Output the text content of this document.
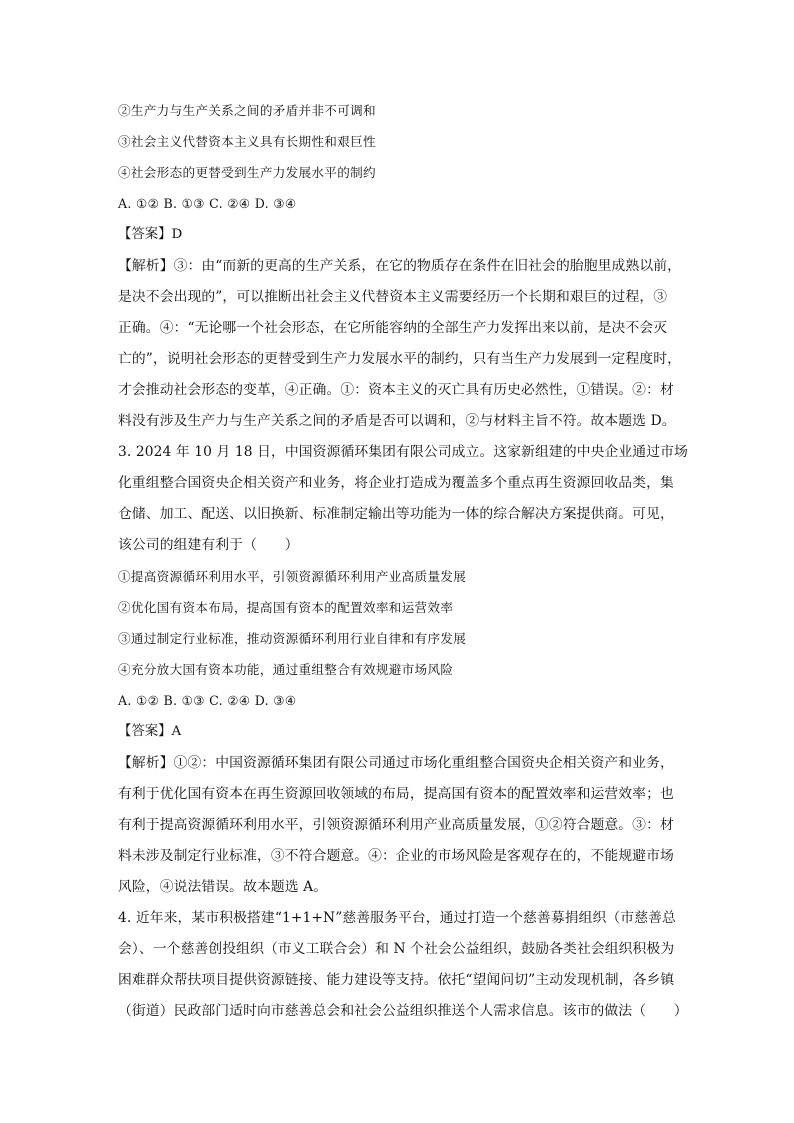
②生产力与生产关系之间的矛盾并非不可调和
③社会主义代替资本主义具有长期性和艰巨性
④社会形态的更替受到生产力发展水平的制约
A. ①② B. ①③ C. ②④ D. ③④
【答案】D
【解析】③：由“而新的更高的生产关系，在它的物质存在条件在旧社会的胎胞里成熟以前，
是决不会出现的”，可以推断出社会主义代替资本主义需要经历一个长期和艰巨的过程，③
正确。④：“无论哪一个社会形态，在它所能容纳的全部生产力发挥出来以前，是决不会灭
亡的”，说明社会形态的更替受到生产力发展水平的制约，只有当生产力发展到一定程度时，
才会推动社会形态的变革，④正确。①：资本主义的灭亡具有历史必然性，①错误。②：材
料没有涉及生产力与生产关系之间的矛盾是否可以调和，②与材料主旨不符。故本题选 D。
3. 2024 年 10 月 18 日，中国资源循环集团有限公司成立。这家新组建的中央企业通过市场
化重组整合国资央企相关资产和业务，将企业打造成为覆盖多个重点再生资源回收品类，集
仓储、加工、配送、以旧换新、标准制定输出等功能为一体的综合解决方案提供商。可见，
该公司的组建有利于（　　）
①提高资源循环利用水平，引领资源循环利用产业高质量发展
②优化国有资本布局，提高国有资本的配置效率和运营效率
③通过制定行业标准，推动资源循环利用行业自律和有序发展
④充分放大国有资本功能，通过重组整合有效规避市场风险
A. ①② B. ①③ C. ②④ D. ③④
【答案】A
【解析】①②：中国资源循环集团有限公司通过市场化重组整合国资央企相关资产和业务，
有利于优化国有资本在再生资源回收领域的布局，提高国有资本的配置效率和运营效率；也
有利于提高资源循环利用水平，引领资源循环利用产业高质量发展，①②符合题意。③：材
料未涉及制定行业标准，③不符合题意。④：企业的市场风险是客观存在的，不能规避市场
风险，④说法错误。故本题选 A。
4. 近年来，某市积极搭建“1+1+N”慈善服务平台，通过打造一个慈善募捐组织（市慈善总
会）、一个慈善创投组织（市义工联合会）和 N 个社会公益组织，鼓励各类社会组织积极为
困难群众帮扶项目提供资源链接、能力建设等支持。依托“望闻问切”主动发现机制，各乡镇
（街道）民政部门适时向市慈善总会和社会公益组织推送个人需求信息。该市的做法（　　）
